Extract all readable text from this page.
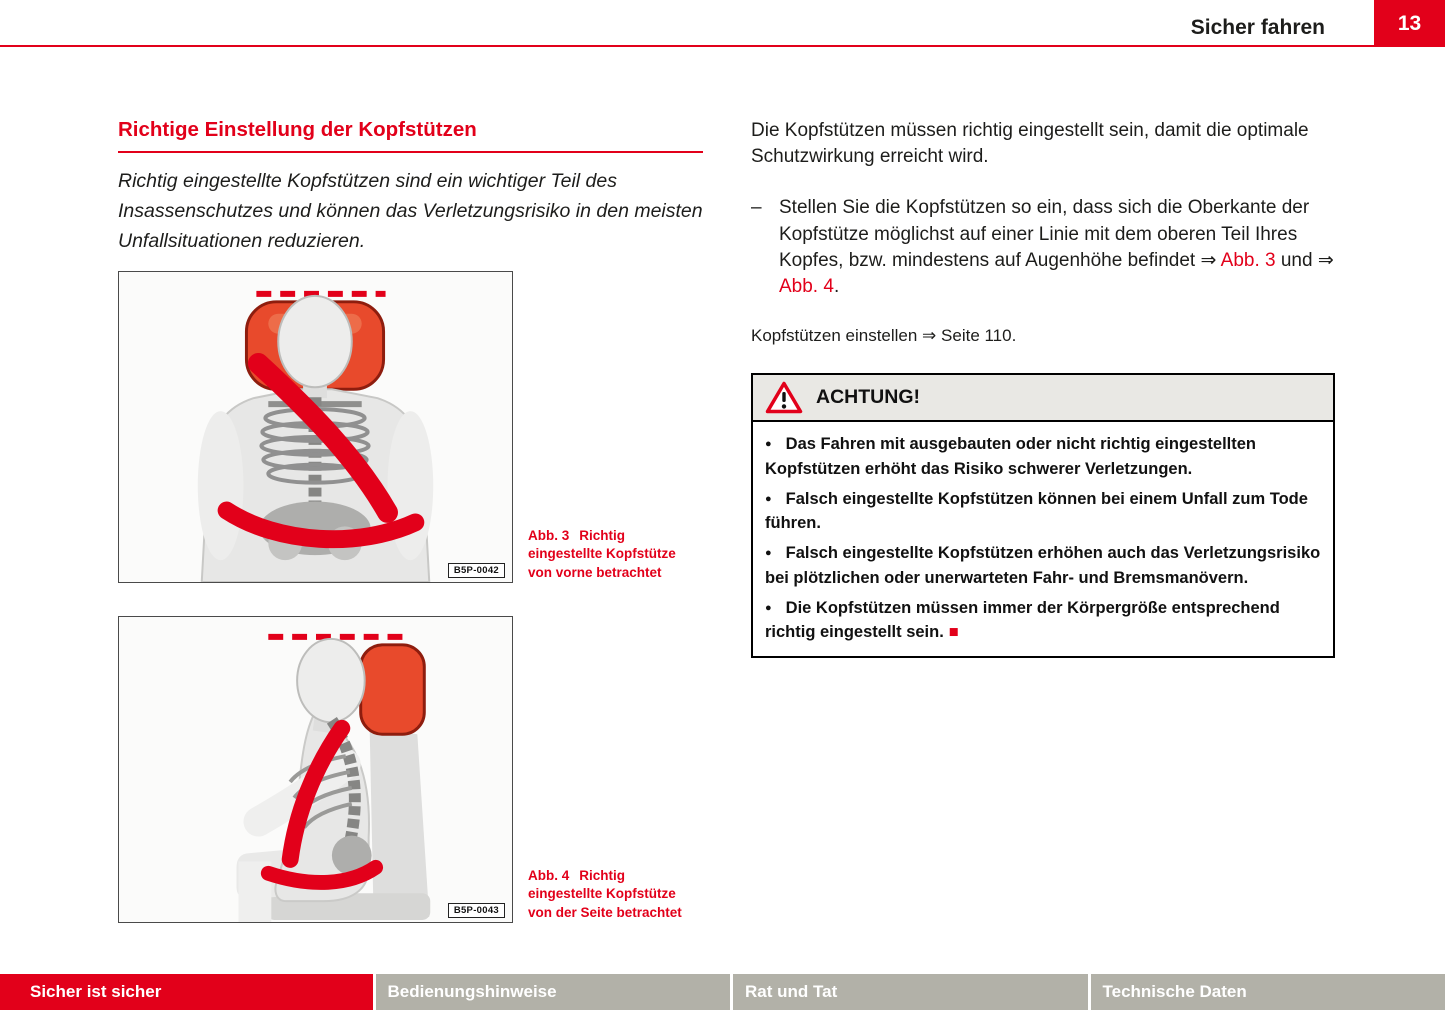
Sicher fahren	13
Richtige Einstellung der Kopfstützen

Richtig eingestellte Kopfstützen sind ein wichtiger Teil des Insassenschutzes und können das Verletzungsrisiko in den meisten Unfallsituationen reduzieren.

B5P-0042
Abb. 3 Richtig eingestellte Kopfstütze von vorne betrachtet
B5P-0043
Abb. 4 Richtig eingestellte Kopfstütze von der Seite betrachtet

Die Kopfstützen müssen richtig eingestellt sein, damit die optimale Schutzwirkung erreicht wird.

– Stellen Sie die Kopfstützen so ein, dass sich die Oberkante der Kopfstütze möglichst auf einer Linie mit dem oberen Teil Ihres Kopfes, bzw. mindestens auf Augenhöhe befindet ⇒ Abb. 3 und ⇒ Abb. 4.

Kopfstützen einstellen ⇒ Seite 110.

ACHTUNG!

● Das Fahren mit ausgebauten oder nicht richtig eingestellten Kopfstützen erhöht das Risiko schwerer Verletzungen.

● Falsch eingestellte Kopfstützen können bei einem Unfall zum Tode führen.

● Falsch eingestellte Kopfstützen erhöhen auch das Verletzungsrisiko bei plötzlichen oder unerwarteten Fahr- und Bremsmanövern.

● Die Kopfstützen müssen immer der Körpergröße entsprechend richtig eingestellt sein. ■

Sicher ist sicher	Bedienungshinweise	Rat und Tat	Technische Daten
